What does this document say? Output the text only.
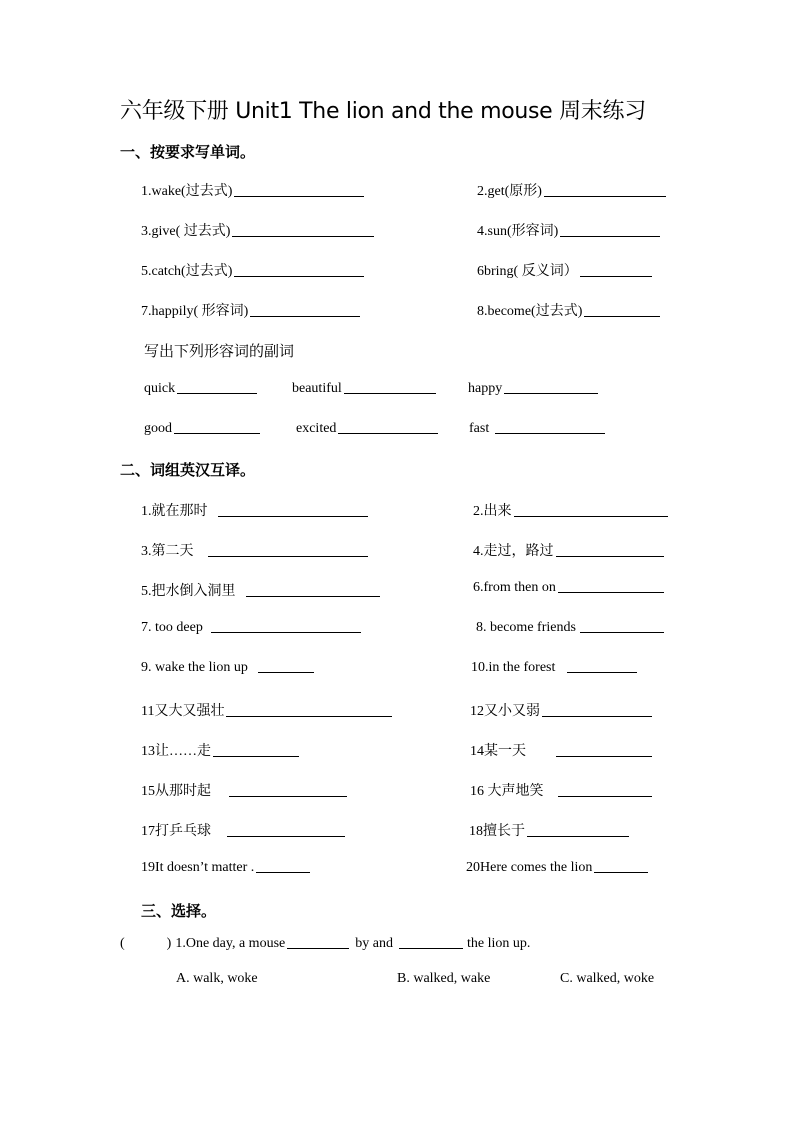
六年级下册 Unit1 The lion and the mouse 周末练习
一、按要求写单词。
1.wake(过去式)	2.get(原形)
3.give( 过去式)	4.sun(形容词)
5.catch(过去式)	6bring( 反义词）
7.happily( 形容词)	8.become(过去式)
写出下列形容词的副词
quick	beautiful	happy
good	excited	fast
二、词组英汉互译。
1.就在那时	2.出来
3.第二天	4.走过，路过
5.把水倒入洞里	6.from then on
7. too deep	8. become friends
9. wake the lion up	10.in the forest
11又大又强壮	12又小又弱
13让……走	14某一天
15从那时起	16 大声地笑
17打乒乓球	18擅长于
19It doesn’t matter .	20Here comes the lion
三、选择。
(	) 1.One day, a mouse	by and	the lion up.
A. walk, woke	B. walked, wake	C. walked, woke
